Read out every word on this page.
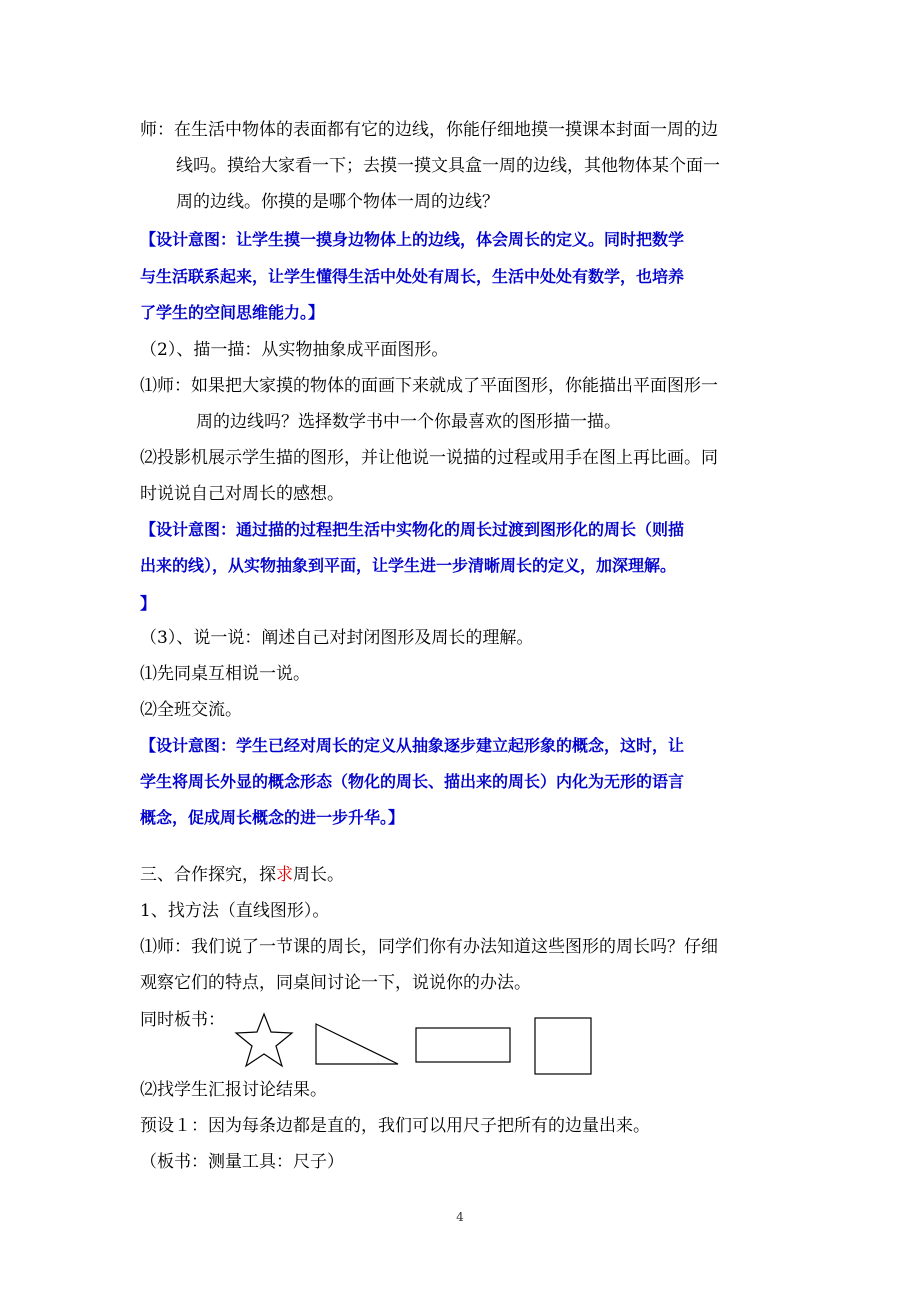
师：在生活中物体的表面都有它的边线，你能仔细地摸一摸课本封面一周的边
线吗。摸给大家看一下；去摸一摸文具盒一周的边线，其他物体某个面一
周的边线。你摸的是哪个物体一周的边线？
【设计意图：让学生摸一摸身边物体上的边线，体会周长的定义。同时把数学
与生活联系起来，让学生懂得生活中处处有周长，生活中处处有数学，也培养
了学生的空间思维能力。】
（2）、描一描：从实物抽象成平面图形。
⑴师：如果把大家摸的物体的面画下来就成了平面图形，你能描出平面图形一
周的边线吗？选择数学书中一个你最喜欢的图形描一描。
⑵投影机展示学生描的图形，并让他说一说描的过程或用手在图上再比画。同
时说说自己对周长的感想。
【设计意图：通过描的过程把生活中实物化的周长过渡到图形化的周长（则描
出来的线），从实物抽象到平面，让学生进一步清晰周长的定义，加深理解。
】
（3）、说一说：阐述自己对封闭图形及周长的理解。
⑴先同桌互相说一说。
⑵全班交流。
【设计意图：学生已经对周长的定义从抽象逐步建立起形象的概念，这时，让
学生将周长外显的概念形态（物化的周长、描出来的周长）内化为无形的语言
概念，促成周长概念的进一步升华。】
三、合作探究，探求周长。
1、找方法（直线图形）。
⑴师：我们说了一节课的周长，同学们你有办法知道这些图形的周长吗？仔细
观察它们的特点，同桌间讨论一下，说说你的办法。
同时板书：
⑵找学生汇报讨论结果。
预设１：因为每条边都是直的，我们可以用尺子把所有的边量出来。
（板书：测量工具：尺子）
4
